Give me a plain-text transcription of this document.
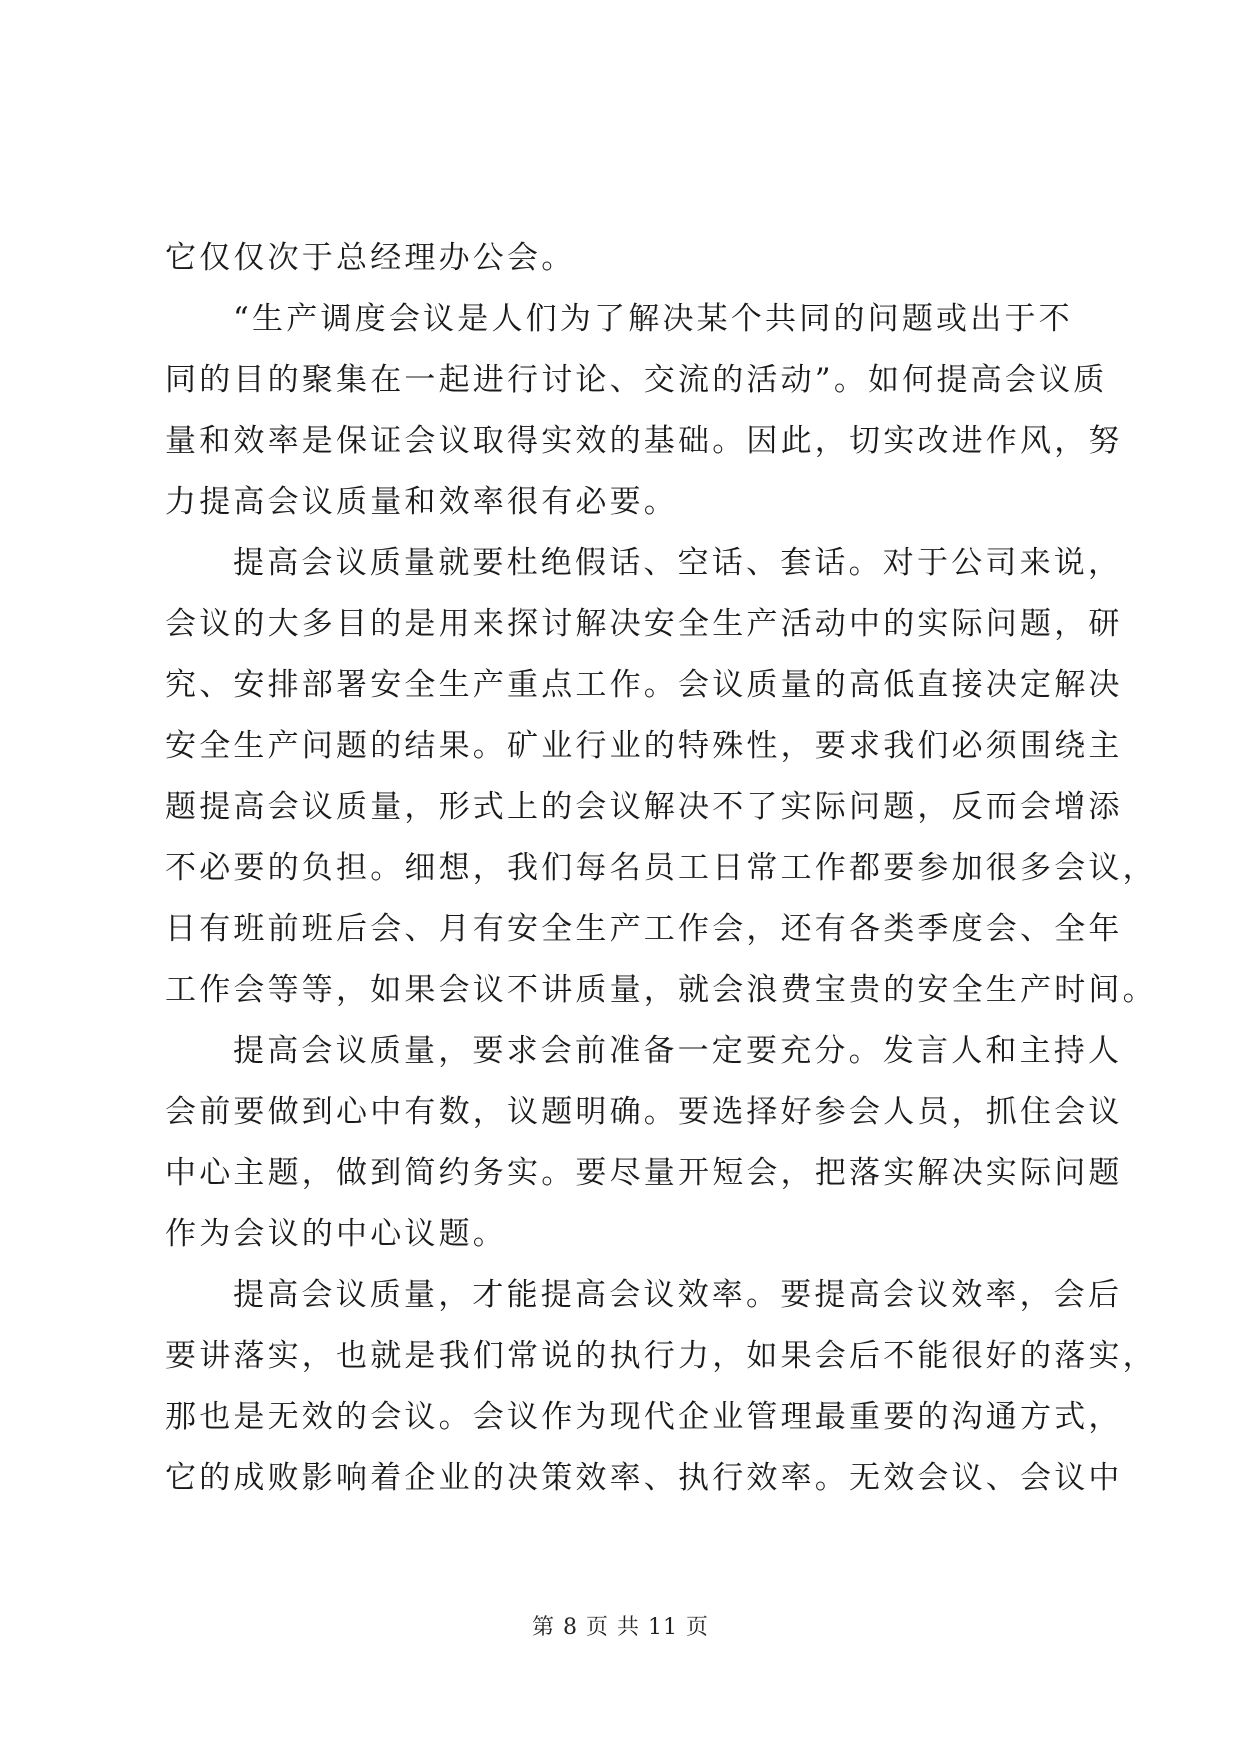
它仅仅次于总经理办公会。
“生产调度会议是人们为了解决某个共同的问题或出于不
同的目的聚集在一起进行讨论、交流的活动”。如何提高会议质
量和效率是保证会议取得实效的基础。因此，切实改进作风，努
力提高会议质量和效率很有必要。
提高会议质量就要杜绝假话、空话、套话。对于公司来说，
会议的大多目的是用来探讨解决安全生产活动中的实际问题，研
究、安排部署安全生产重点工作。会议质量的高低直接决定解决
安全生产问题的结果。矿业行业的特殊性，要求我们必须围绕主
题提高会议质量，形式上的会议解决不了实际问题，反而会增添
不必要的负担。细想，我们每名员工日常工作都要参加很多会议，
日有班前班后会、月有安全生产工作会，还有各类季度会、全年
工作会等等，如果会议不讲质量，就会浪费宝贵的安全生产时间。
提高会议质量，要求会前准备一定要充分。发言人和主持人
会前要做到心中有数，议题明确。要选择好参会人员，抓住会议
中心主题，做到简约务实。要尽量开短会，把落实解决实际问题
作为会议的中心议题。
提高会议质量，才能提高会议效率。要提高会议效率，会后
要讲落实，也就是我们常说的执行力，如果会后不能很好的落实，
那也是无效的会议。会议作为现代企业管理最重要的沟通方式，
它的成败影响着企业的决策效率、执行效率。无效会议、会议中
第 8 页 共 11 页
